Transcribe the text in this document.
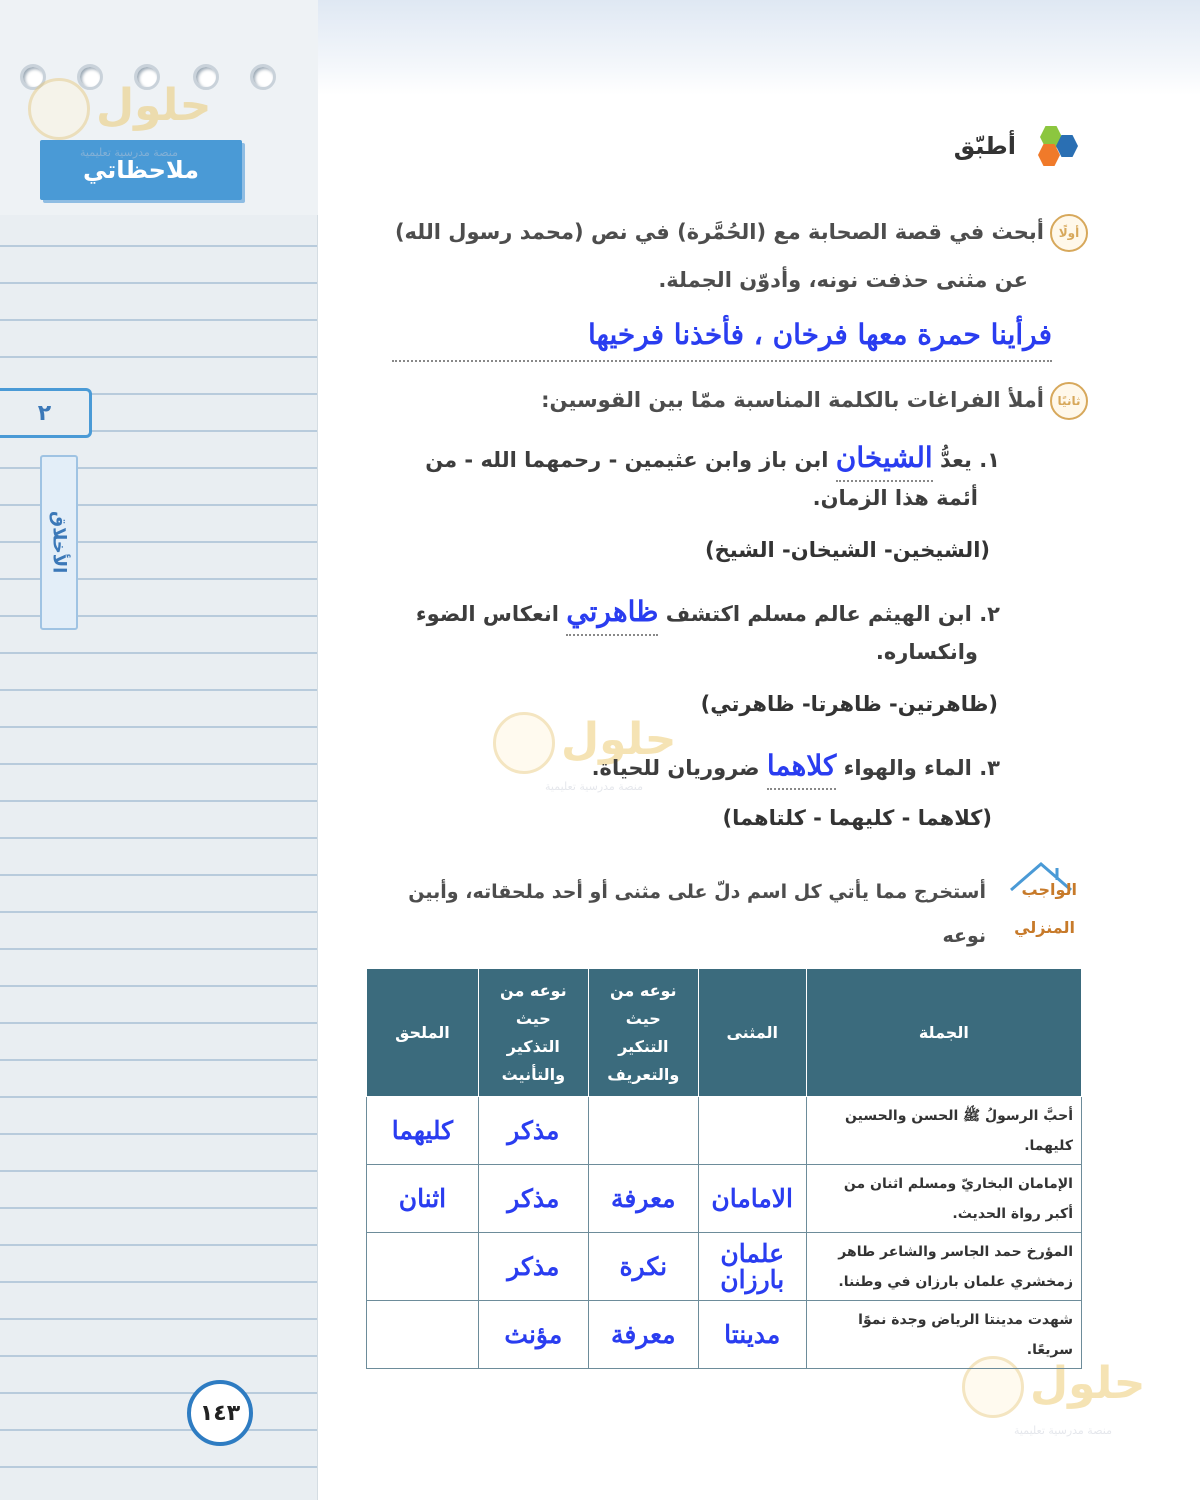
ملاحظاتي
٢
الأخلاق
حلول
منصة مدرسية تعليمية
حلول
منصة مدرسية تعليمية
حلول
منصة مدرسية تعليمية
أطبّق
أولًاأبحث في قصة الصحابة مع (الحُمَّرة) في نص (محمد رسول الله)
عن مثنى حذفت نونه، وأدوّن الجملة.
فرأينا حمرة معها فرخان ، فأخذنا فرخيها
ثانيًاأملأ الفراغات بالكلمة المناسبة ممّا بين القوسين:
١. يعدُّ الشيخان ابن باز وابن عثيمين - رحمهما الله - من
أئمة هذا الزمان.
(الشيخين- الشيخان- الشيخ)
٢. ابن الهيثم عالم مسلم اكتشف ظاهرتي انعكاس الضوء
وانكساره.
(ظاهرتين- ظاهرتا- ظاهرتي)
٣. الماء والهواء كلاهما ضروريان للحياة.
(كلاهما - كليهما - كلتاهما)
الواجب
المنزلي
أستخرج مما يأتي كل اسم دلّ على مثنى أو أحد ملحقاته، وأبين نوعه
الجملة	المثنى	نوعه من حيث التنكير والتعريف	نوعه من حيث التذكير والتأنيث	الملحق
أحبَّ الرسولُ ﷺ الحسن والحسين كليهما.			مذكر	كليهما
الإمامان البخاريّ ومسلم اثنان من أكبر رواة الحديث.	الامامان	معرفة	مذكر	اثنان
المؤرخ حمد الجاسر والشاعر طاهر زمخشري علمان بارزان في وطننا.	علمان بارزان	نكرة	مذكر	
شهدت مدينتا الرياض وجدة نموًا سريعًا.	مدينتا	معرفة	مؤنث	
١٤٣
